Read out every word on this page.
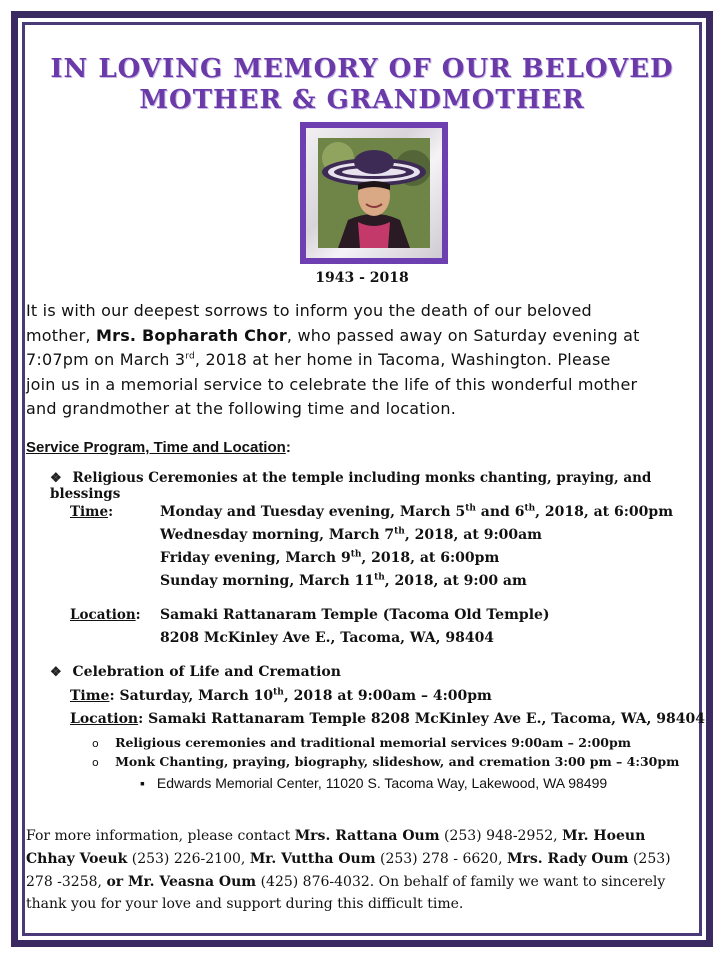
IN LOVING MEMORY OF OUR BELOVED
MOTHER & GRANDMOTHER
1943 - 2018
It is with our deepest sorrows to inform you the death of our beloved
mother, Mrs. Bopharath Chor, who passed away on Saturday evening at
7:07pm on March 3rd, 2018 at her home in Tacoma, Washington. Please
join us in a memorial service to celebrate the life of this wonderful mother
and grandmother at the following time and location.
Service Program, Time and Location:
❖ Religious Ceremonies at the temple including monks chanting, praying, and blessings
Time:	Monday and Tuesday evening, March 5th and 6th, 2018, at 6:00pm
Wednesday morning, March 7th, 2018, at 9:00am
Friday evening, March 9th, 2018, at 6:00pm
Sunday morning, March 11th, 2018, at 9:00 am
Location: Samaki Rattanaram Temple (Tacoma Old Temple)
8208 McKinley Ave E., Tacoma, WA, 98404
❖ Celebration of Life and Cremation
Time: Saturday, March 10th, 2018 at 9:00am – 4:00pm
Location: Samaki Rattanaram Temple 8208 McKinley Ave E., Tacoma, WA, 98404
o Religious ceremonies and traditional memorial services 9:00am – 2:00pm
o Monk Chanting, praying, biography, slideshow, and cremation 3:00 pm – 4:30pm
▪ Edwards Memorial Center, 11020 S. Tacoma Way, Lakewood, WA 98499
For more information, please contact Mrs. Rattana Oum (253) 948-2952, Mr. Hoeun
Chhay Voeuk (253) 226-2100, Mr. Vuttha Oum (253) 278 - 6620, Mrs. Rady Oum (253)
278 -3258, or Mr. Veasna Oum (425) 876-4032. On behalf of family we want to sincerely
thank you for your love and support during this difficult time.
